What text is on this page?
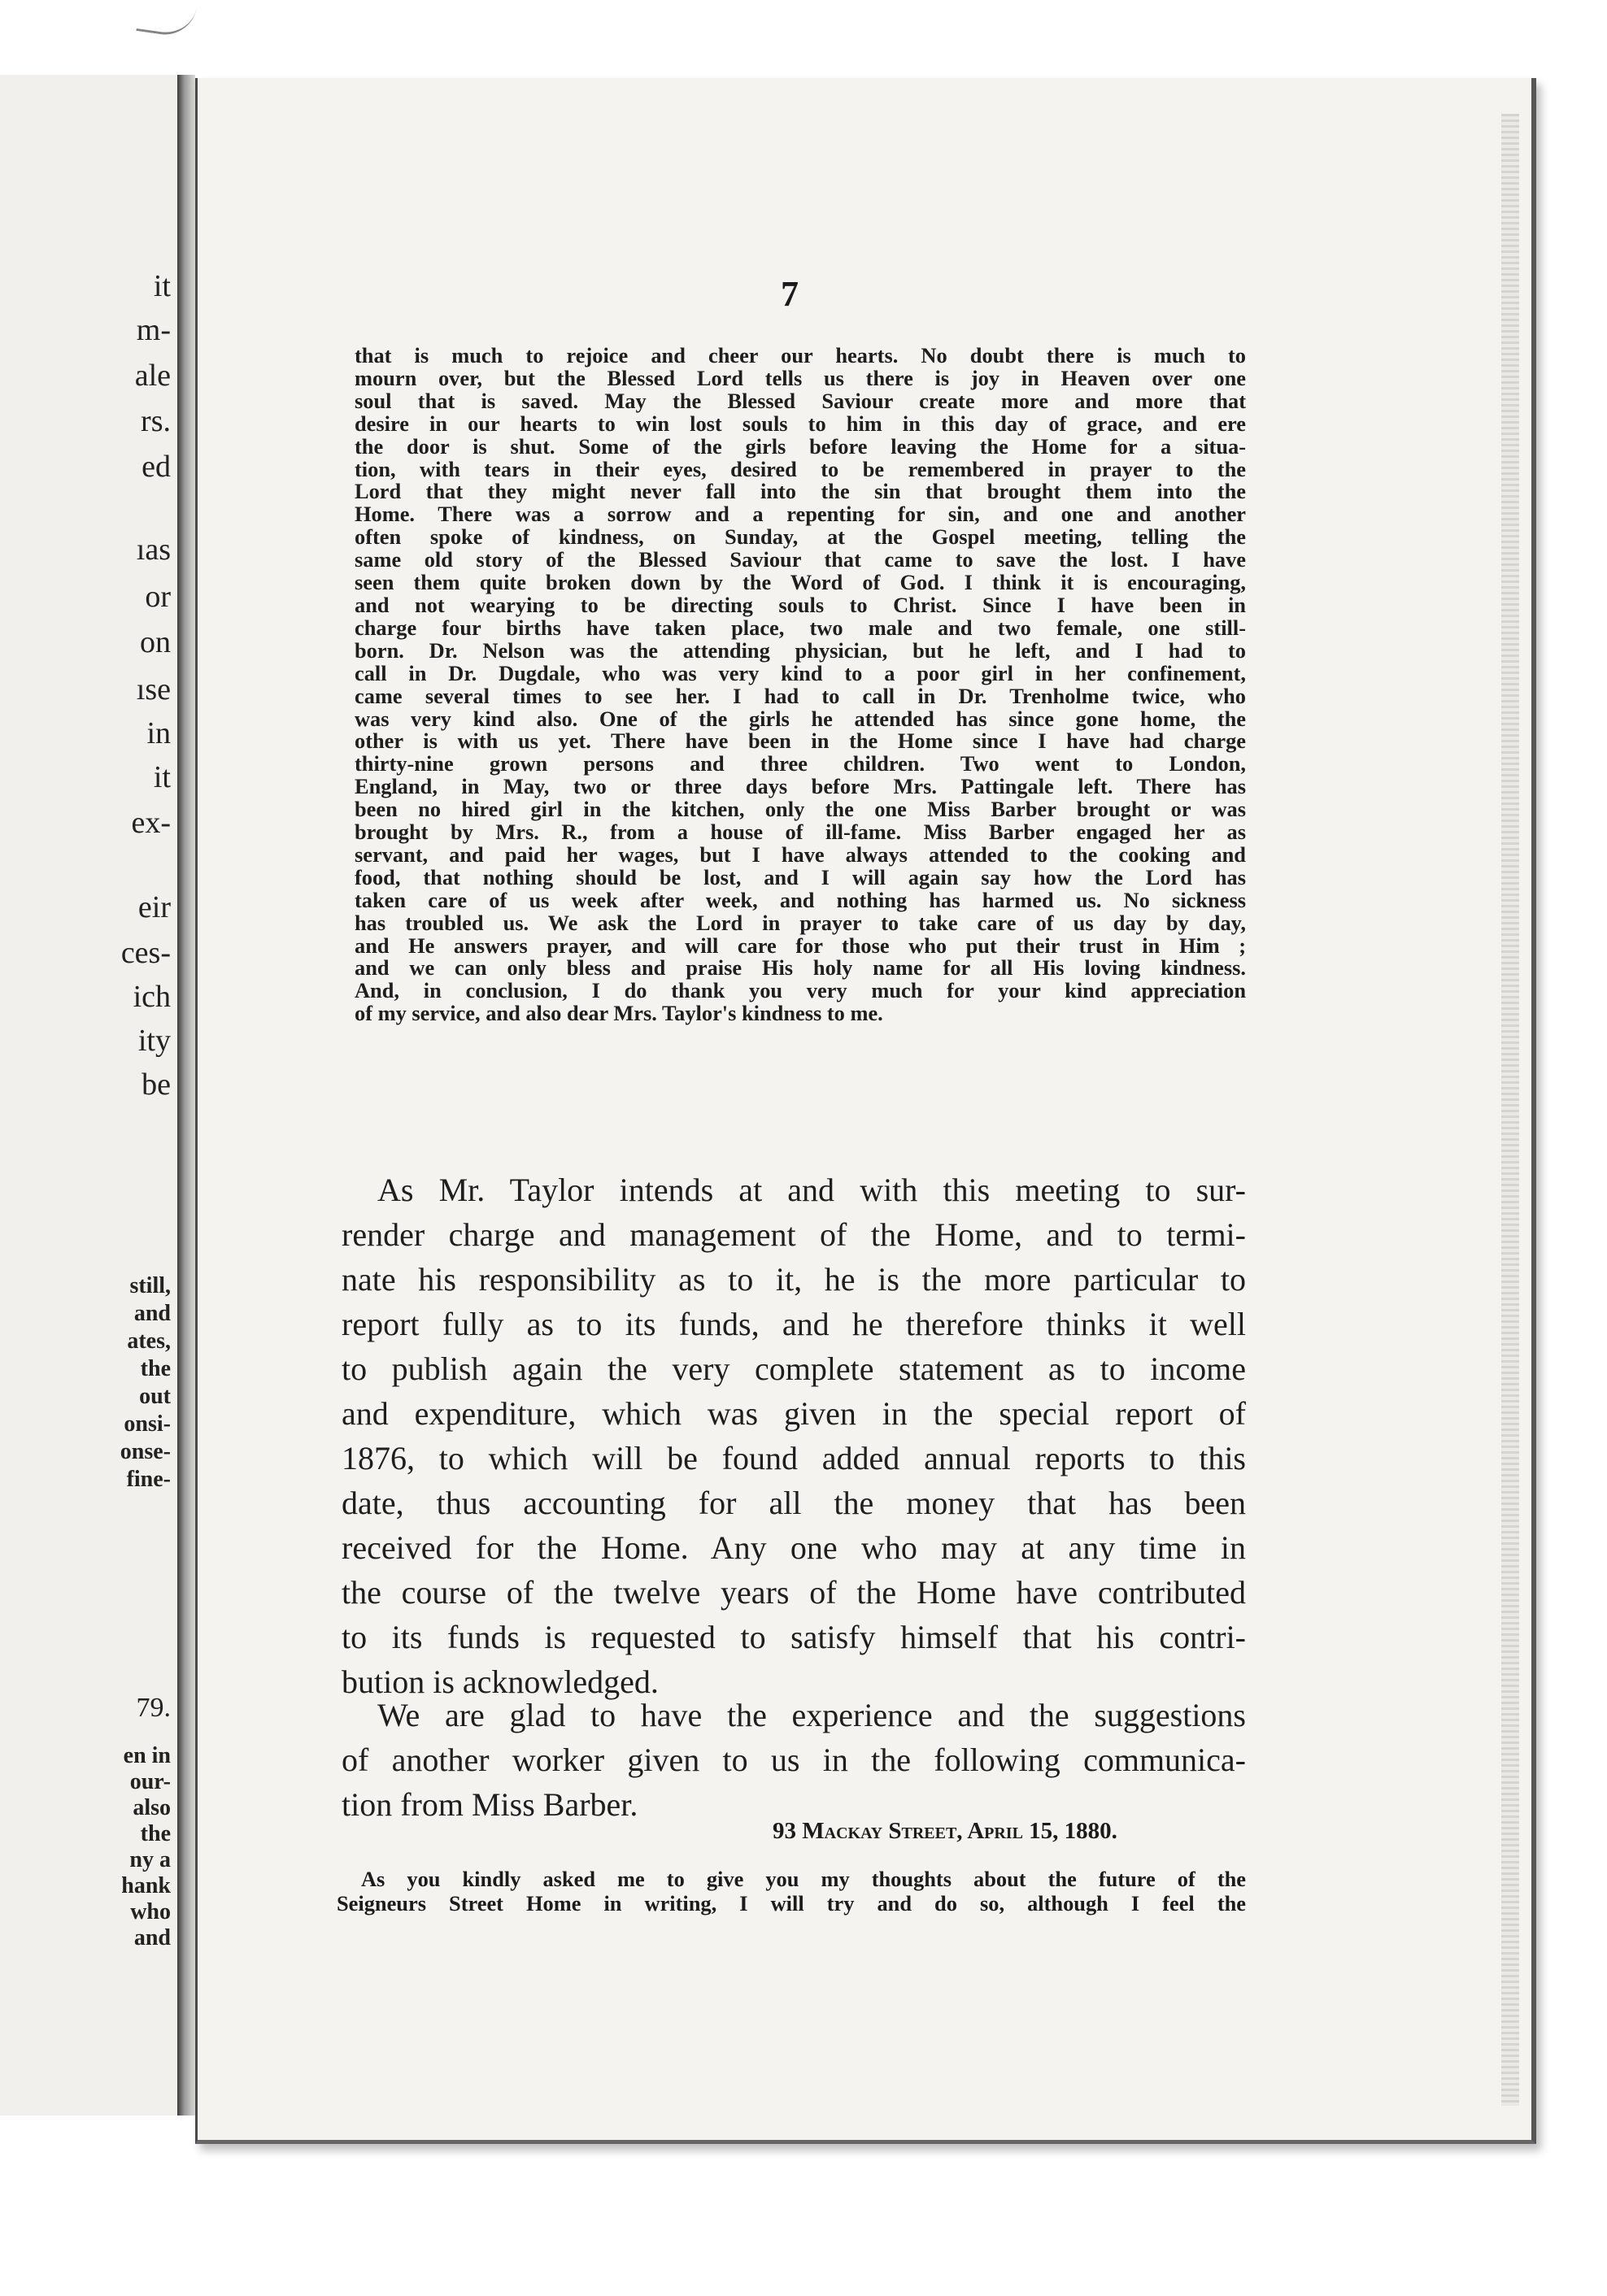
it
m-
ale
rs.
ed
ıas
or
on
ıse
in
it
ex-
eir
ces-
ich
ity
be
still,
and
ates,
the
out
onsi-
onse-
fine-
79.
en in
our-
also
the
ny a
hank
who
and
7
that is much to rejoice and cheer our hearts. No doubt there is much to
mourn over, but the Blessed Lord tells us there is joy in Heaven over one
soul that is saved. May the Blessed Saviour create more and more that
desire in our hearts to win lost souls to him in this day of grace, and ere
the door is shut. Some of the girls before leaving the Home for a situa-
tion, with tears in their eyes, desired to be remembered in prayer to the
Lord that they might never fall into the sin that brought them into the
Home. There was a sorrow and a repenting for sin, and one and another
often spoke of kindness, on Sunday, at the Gospel meeting, telling the
same old story of the Blessed Saviour that came to save the lost. I have
seen them quite broken down by the Word of God. I think it is encouraging,
and not wearying to be directing souls to Christ. Since I have been in
charge four births have taken place, two male and two female, one still-
born. Dr. Nelson was the attending physician, but he left, and I had to
call in Dr. Dugdale, who was very kind to a poor girl in her confinement,
came several times to see her. I had to call in Dr. Trenholme twice, who
was very kind also. One of the girls he attended has since gone home, the
other is with us yet. There have been in the Home since I have had charge
thirty-nine grown persons and three children. Two went to London,
England, in May, two or three days before Mrs. Pattingale left. There has
been no hired girl in the kitchen, only the one Miss Barber brought or was
brought by Mrs. R., from a house of ill-fame. Miss Barber engaged her as
servant, and paid her wages, but I have always attended to the cooking and
food, that nothing should be lost, and I will again say how the Lord has
taken care of us week after week, and nothing has harmed us. No sickness
has troubled us. We ask the Lord in prayer to take care of us day by day,
and He answers prayer, and will care for those who put their trust in Him ;
and we can only bless and praise His holy name for all His loving kindness.
And, in conclusion, I do thank you very much for your kind appreciation
of my service, and also dear Mrs. Taylor's kindness to me.
As Mr. Taylor intends at and with this meeting to sur-
render charge and management of the Home, and to termi-
nate his responsibility as to it, he is the more particular to
report fully as to its funds, and he therefore thinks it well
to publish again the very complete statement as to income
and expenditure, which was given in the special report of
1876, to which will be found added annual reports to this
date, thus accounting for all the money that has been
received for the Home. Any one who may at any time in
the course of the twelve years of the Home have contributed
to its funds is requested to satisfy himself that his contri-
bution is acknowledged.
We are glad to have the experience and the suggestions
of another worker given to us in the following communica-
tion from Miss Barber.
93 Mackay Street, April 15, 1880.
As you kindly asked me to give you my thoughts about the future of the
Seigneurs Street Home in writing, I will try and do so, although I feel the
